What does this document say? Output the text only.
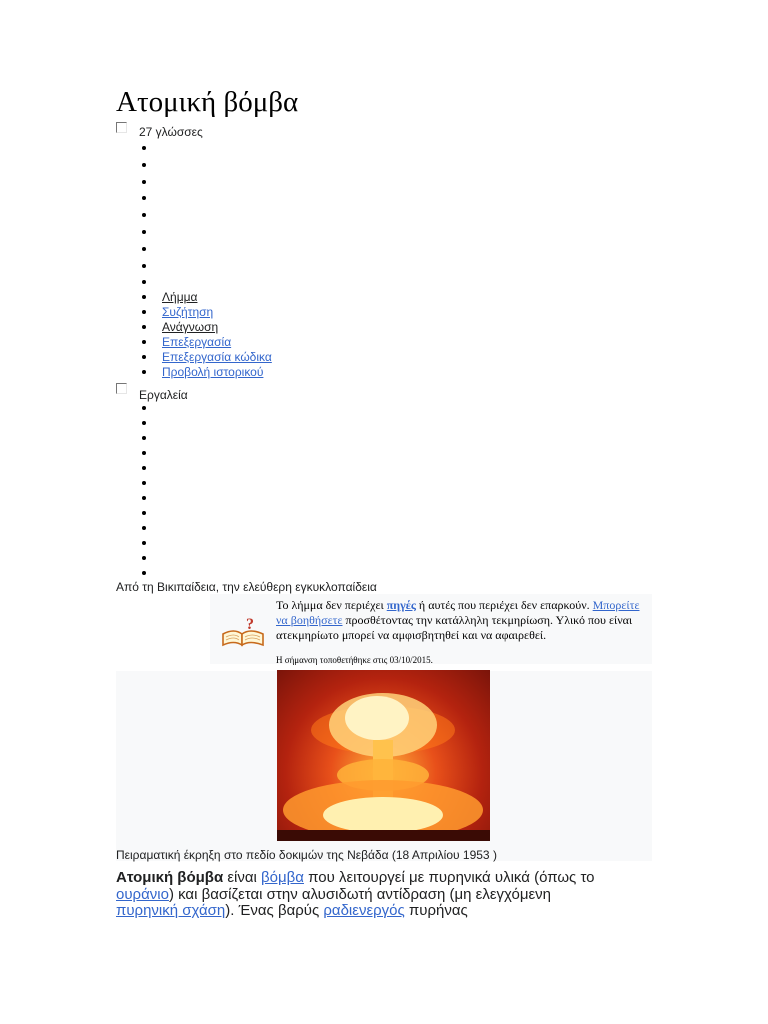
Ατομική βόμβα
27 γλώσσες
Λήμμα
Συζήτηση
Ανάγνωση
Επεξεργασία
Επεξεργασία κώδικα
Προβολή ιστορικού
Εργαλεία
Από τη Βικιπαίδεια, την ελεύθερη εγκυκλοπαίδεια
?
Το λήμμα δεν περιέχει πηγές ή αυτές που περιέχει δεν επαρκούν. Μπορείτε να βοηθήσετε προσθέτοντας την κατάλληλη τεκμηρίωση. Υλικό που είναι ατεκμηρίωτο μπορεί να αμφισβητηθεί και να αφαιρεθεί.
Η σήμανση τοποθετήθηκε στις 03/10/2015.
Πειραματική έκρηξη στο πεδίο δοκιμών της Νεβάδα (18 Απριλίου 1953 )

Ατομική βόμβα είναι βόμβα που λειτουργεί με πυρηνικά υλικά (όπως το ουράνιο) και βασίζεται στην αλυσιδωτή αντίδραση (μη ελεγχόμενη πυρηνική σχάση). Ένας βαρύς ραδιενεργός πυρήνας
